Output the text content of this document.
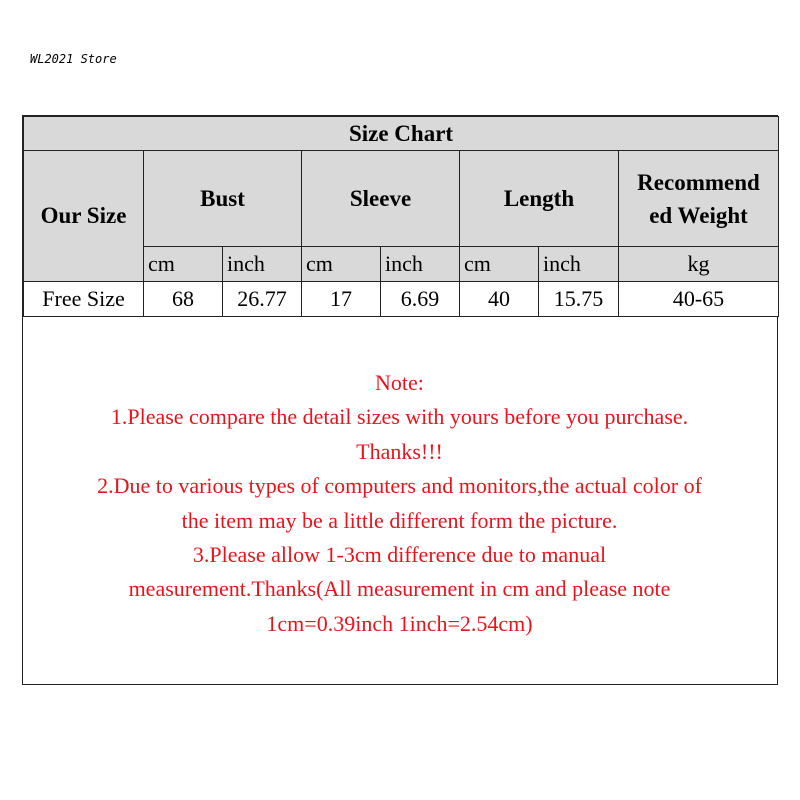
WL2021 Store
Size Chart							
Our Size	Bust		Sleeve		Length		Recommend
ed Weight
	cm	inch	cm	inch	cm	inch	kg
Free Size	68	26.77	17	6.69	40	15.75	40-65
Note:
1.Please compare the detail sizes with yours before you purchase.
Thanks!!!
2.Due to various types of computers and monitors,the actual color of
the item may be a little different form the picture.
3.Please allow 1-3cm difference due to manual
measurement.Thanks(All measurement in cm and please note
1cm=0.39inch 1inch=2.54cm)
